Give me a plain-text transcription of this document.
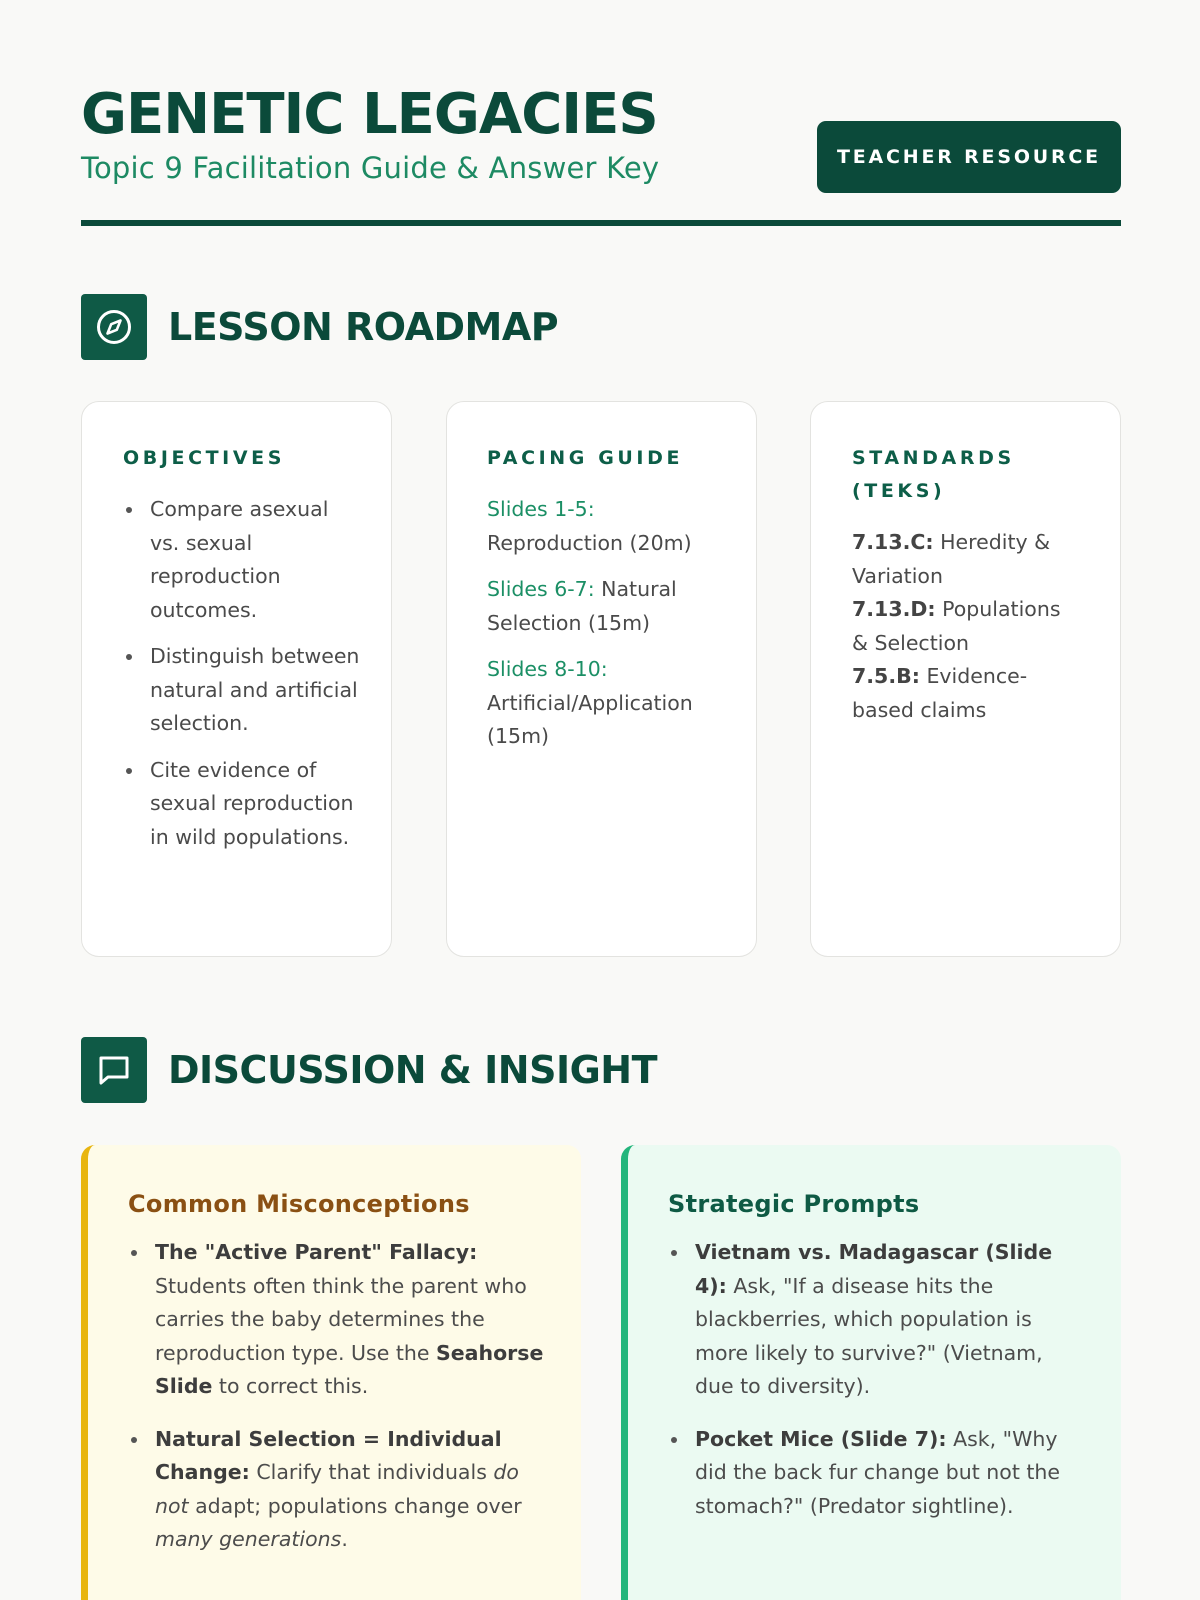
GENETIC LEGACIES
Topic 9 Facilitation Guide & Answer Key	TEACHER RESOURCE
LESSON ROADMAP
OBJECTIVES
Compare asexual vs. sexual reproduction outcomes.
Distinguish between natural and artificial selection.
Cite evidence of sexual reproduction in wild populations.
PACING GUIDE
Slides 1-5: Reproduction (20m)
Slides 6-7: Natural Selection (15m)
Slides 8-10: Artificial/Application (15m)
STANDARDS (TEKS)
7.13.C: Heredity & Variation
7.13.D: Populations & Selection
7.5.B: Evidence-based claims
DISCUSSION & INSIGHT
Common Misconceptions
The "Active Parent" Fallacy: Students often think the parent who carries the baby determines the reproduction type. Use the Seahorse Slide to correct this.
Natural Selection = Individual Change: Clarify that individuals do not adapt; populations change over many generations.
Strategic Prompts
Vietnam vs. Madagascar (Slide 4): Ask, "If a disease hits the blackberries, which population is more likely to survive?" (Vietnam, due to diversity).
Pocket Mice (Slide 7): Ask, "Why did the back fur change but not the stomach?" (Predator sightline).
